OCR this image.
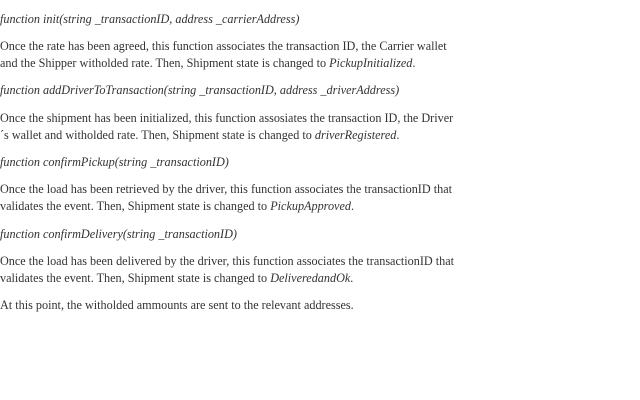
function init(string _transactionID, address _carrierAddress)
Once the rate has been agreed, this function associates the transaction ID, the Carrier wallet
and the Shipper witholded rate. Then, Shipment state is changed to PickupInitialized.
function addDriverToTransaction(string _transactionID, address _driverAddress)
Once the shipment has been initialized, this function assosiates the transaction ID, the Driver
´s wallet and witholded rate. Then, Shipment state is changed to driverRegistered.
function confirmPickup(string _transactionID)
Once the load has been retrieved by the driver, this function associates the transactionID that
validates the event. Then, Shipment state is changed to PickupApproved.
function confirmDelivery(string _transactionID)
Once the load has been delivered by the driver, this function associates the transactionID that
validates the event. Then, Shipment state is changed to DeliveredandOk.
At this point, the witholded ammounts are sent to the relevant addresses.
